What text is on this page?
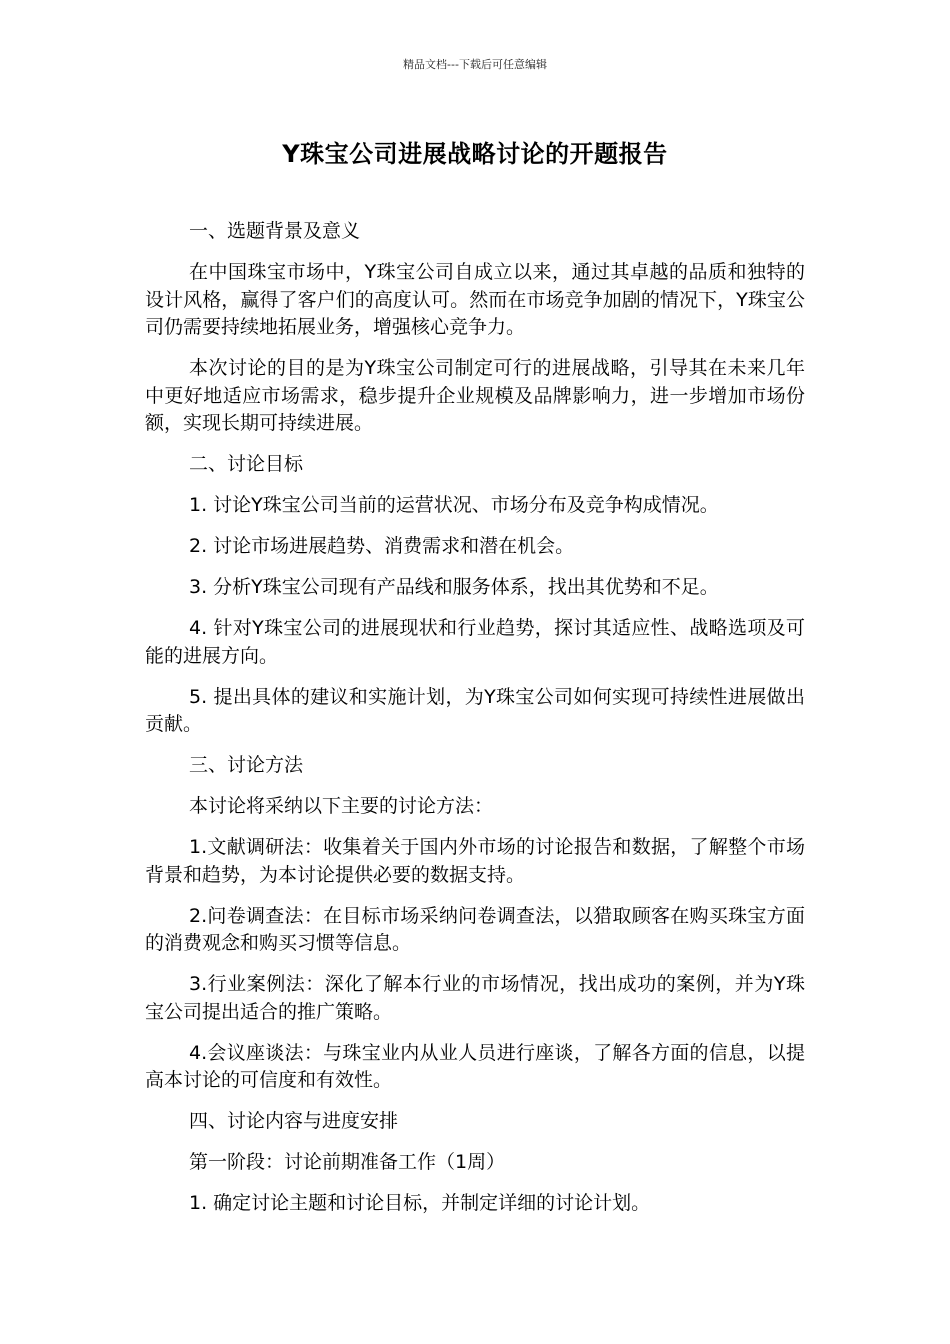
精品文档---下载后可任意编辑
Y珠宝公司进展战略讨论的开题报告

一、选题背景及意义

在中国珠宝市场中，Y珠宝公司自成立以来，通过其卓越的品质和独特的设计风格，赢得了客户们的高度认可。然而在市场竞争加剧的情况下，Y珠宝公司仍需要持续地拓展业务，增强核心竞争力。

本次讨论的目的是为Y珠宝公司制定可行的进展战略，引导其在未来几年中更好地适应市场需求，稳步提升企业规模及品牌影响力，进一步增加市场份额，实现长期可持续进展。

二、讨论目标

1. 讨论Y珠宝公司当前的运营状况、市场分布及竞争构成情况。

2. 讨论市场进展趋势、消费需求和潜在机会。

3. 分析Y珠宝公司现有产品线和服务体系，找出其优势和不足。

4. 针对Y珠宝公司的进展现状和行业趋势，探讨其适应性、战略选项及可能的进展方向。

5. 提出具体的建议和实施计划，为Y珠宝公司如何实现可持续性进展做出贡献。

三、讨论方法

本讨论将采纳以下主要的讨论方法：

1.文献调研法：收集着关于国内外市场的讨论报告和数据，了解整个市场背景和趋势，为本讨论提供必要的数据支持。

2.问卷调查法：在目标市场采纳问卷调查法，以猎取顾客在购买珠宝方面的消费观念和购买习惯等信息。

3.行业案例法：深化了解本行业的市场情况，找出成功的案例，并为Y珠宝公司提出适合的推广策略。

4.会议座谈法：与珠宝业内从业人员进行座谈，了解各方面的信息，以提高本讨论的可信度和有效性。

四、讨论内容与进度安排

第一阶段：讨论前期准备工作（1周）

1. 确定讨论主题和讨论目标，并制定详细的讨论计划。
